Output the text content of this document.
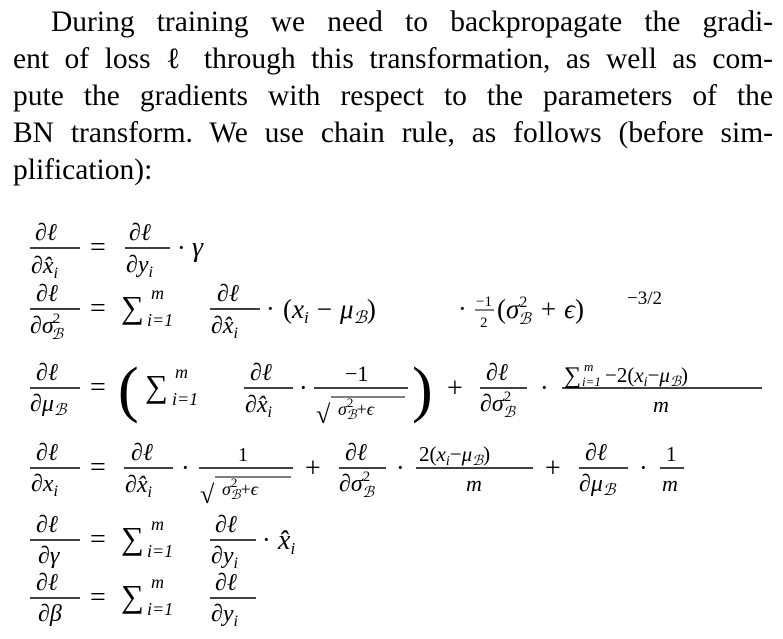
During training we need to backpropagate the gradi-
ent of loss ℓ through this transformation, as well as com-
pute the gradients with respect to the parameters of the
BN transform. We use chain rule, as follows (before sim-
plification):
∂ℓ
$\partial x̂_i$
= ∂ℓ
$\partial y_i$
· γ
∂ℓ
∂σ2 ℬ
= ∑ m
i=1
∂ℓ
$\partial x̂_i$
· (xi − μℬ)	· −1
2 ($\sigma^2$ ℬ + ϵ) −3/2
∂ℓ
∂μℬ
= ( ∑ m
i=1
∂ℓ
$\partial x̂_i$
· −1
√ $\sigma^2$ ℬ+ϵ ) + ∂ℓ
$\partial\sigma^2$ ℬ
· ∑ m
i=1 −2(xi−μℬ)
m
∂ℓ
$\partial x_i$
= ∂ℓ
$\partial x̂_i$
· 1
√ $\sigma^2$ ℬ+ϵ
+ ∂ℓ
$\partial\sigma^2$ ℬ
· 2(xi−μℬ)
m + ∂ℓ
∂μℬ
· 1
m
∂ℓ
∂γ
= ∑ m
i=1
∂ℓ
$\partial y_i$
· x̂i
∂ℓ
∂β
= ∑ m
i=1
∂ℓ
$\partial y_i$
